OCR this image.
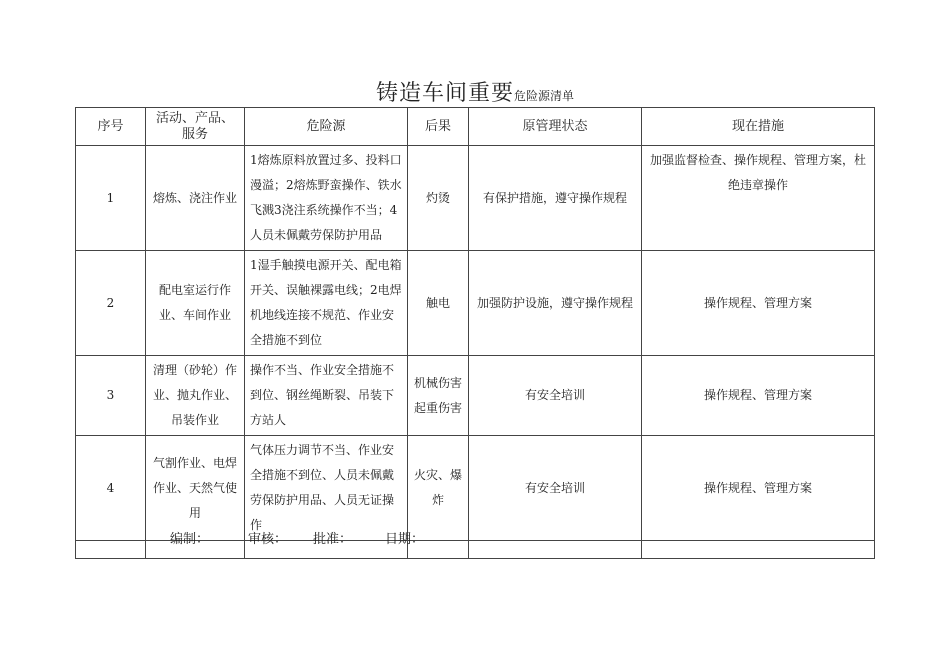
铸造车间重要危险源清单
序号	活动、产品、服务	危险源	后果	原管理状态	现在措施
1	熔炼、浇注作业	1熔炼原料放置过多、投料口漫溢；2熔炼野蛮操作、铁水飞溅3浇注系统操作不当；4人员未佩戴劳保防护用品	灼烫	有保护措施，遵守操作规程	加强监督检查、操作规程、管理方案，杜绝违章操作
2	配电室运行作业、车间作业	1湿手触摸电源开关、配电箱开关、误触裸露电线；2电焊机地线连接不规范、作业安全措施不到位	触电	加强防护设施，遵守操作规程	操作规程、管理方案
3	清理（砂轮）作业、抛丸作业、吊装作业	操作不当、作业安全措施不到位、钢丝绳断裂、吊装下方站人	机械伤害起重伤害	有安全培训	操作规程、管理方案
4	气割作业、电焊作业、天然气使用	气体压力调节不当、作业安全措施不到位、人员未佩戴劳保防护用品、人员无证操作	火灾、爆炸	有安全培训	操作规程、管理方案

编制：	审核： 批准：	日期：
